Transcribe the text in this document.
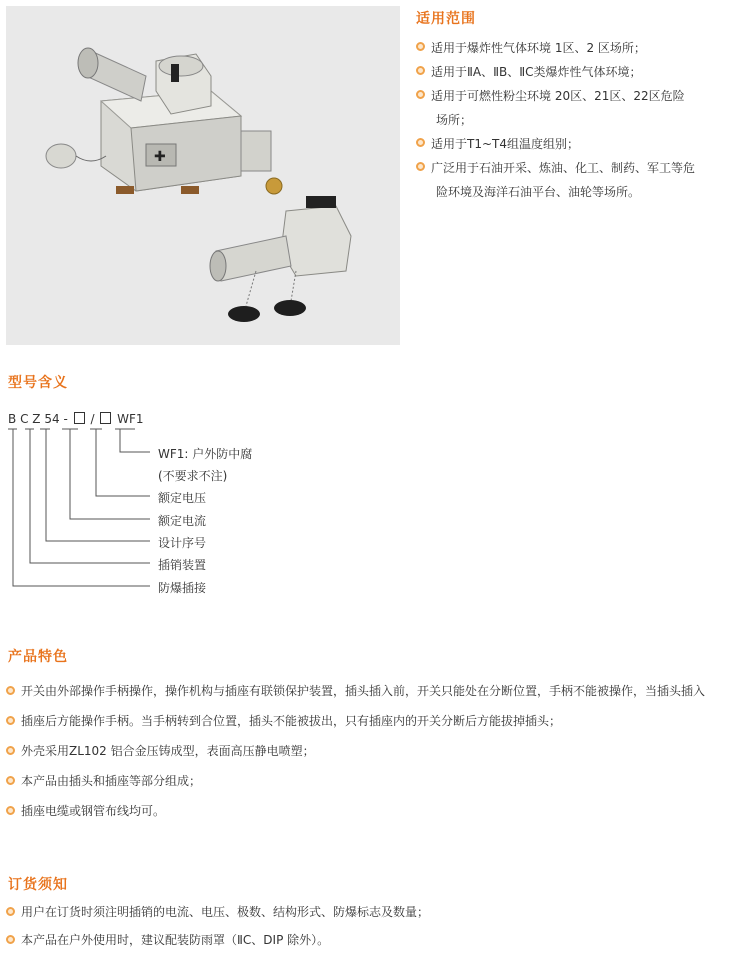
✚
适用范围
适用于爆炸性气体环境 1区、2 区场所；
适用于ⅡA、ⅡB、ⅡC类爆炸性气体环境；
适用于可燃性粉尘环境 20区、21区、22区危险
场所；
适用于T1~T4组温度组别；
广泛用于石油开采、炼油、化工、制药、军工等危
险环境及海洋石油平台、油轮等场所。
型号含义
B C Z 54 - / WF1
WF1: 户外防中腐
(不要求不注)
额定电压
额定电流
设计序号
插销装置
防爆插接
产品特色
开关由外部操作手柄操作，操作机构与插座有联锁保护装置，插头插入前，开关只能处在分断位置，手柄不能被操作，当插头插入
插座后方能操作手柄。当手柄转到合位置，插头不能被拔出，只有插座内的开关分断后方能拔掉插头；
外壳采用ZL102 铝合金压铸成型，表面高压静电喷塑；
本产品由插头和插座等部分组成；
插座电缆或钢管布线均可。
订货须知
用户在订货时须注明插销的电流、电压、极数、结构形式、防爆标志及数量；
本产品在户外使用时，建议配装防雨罩（ⅡC、DIP 除外）。
